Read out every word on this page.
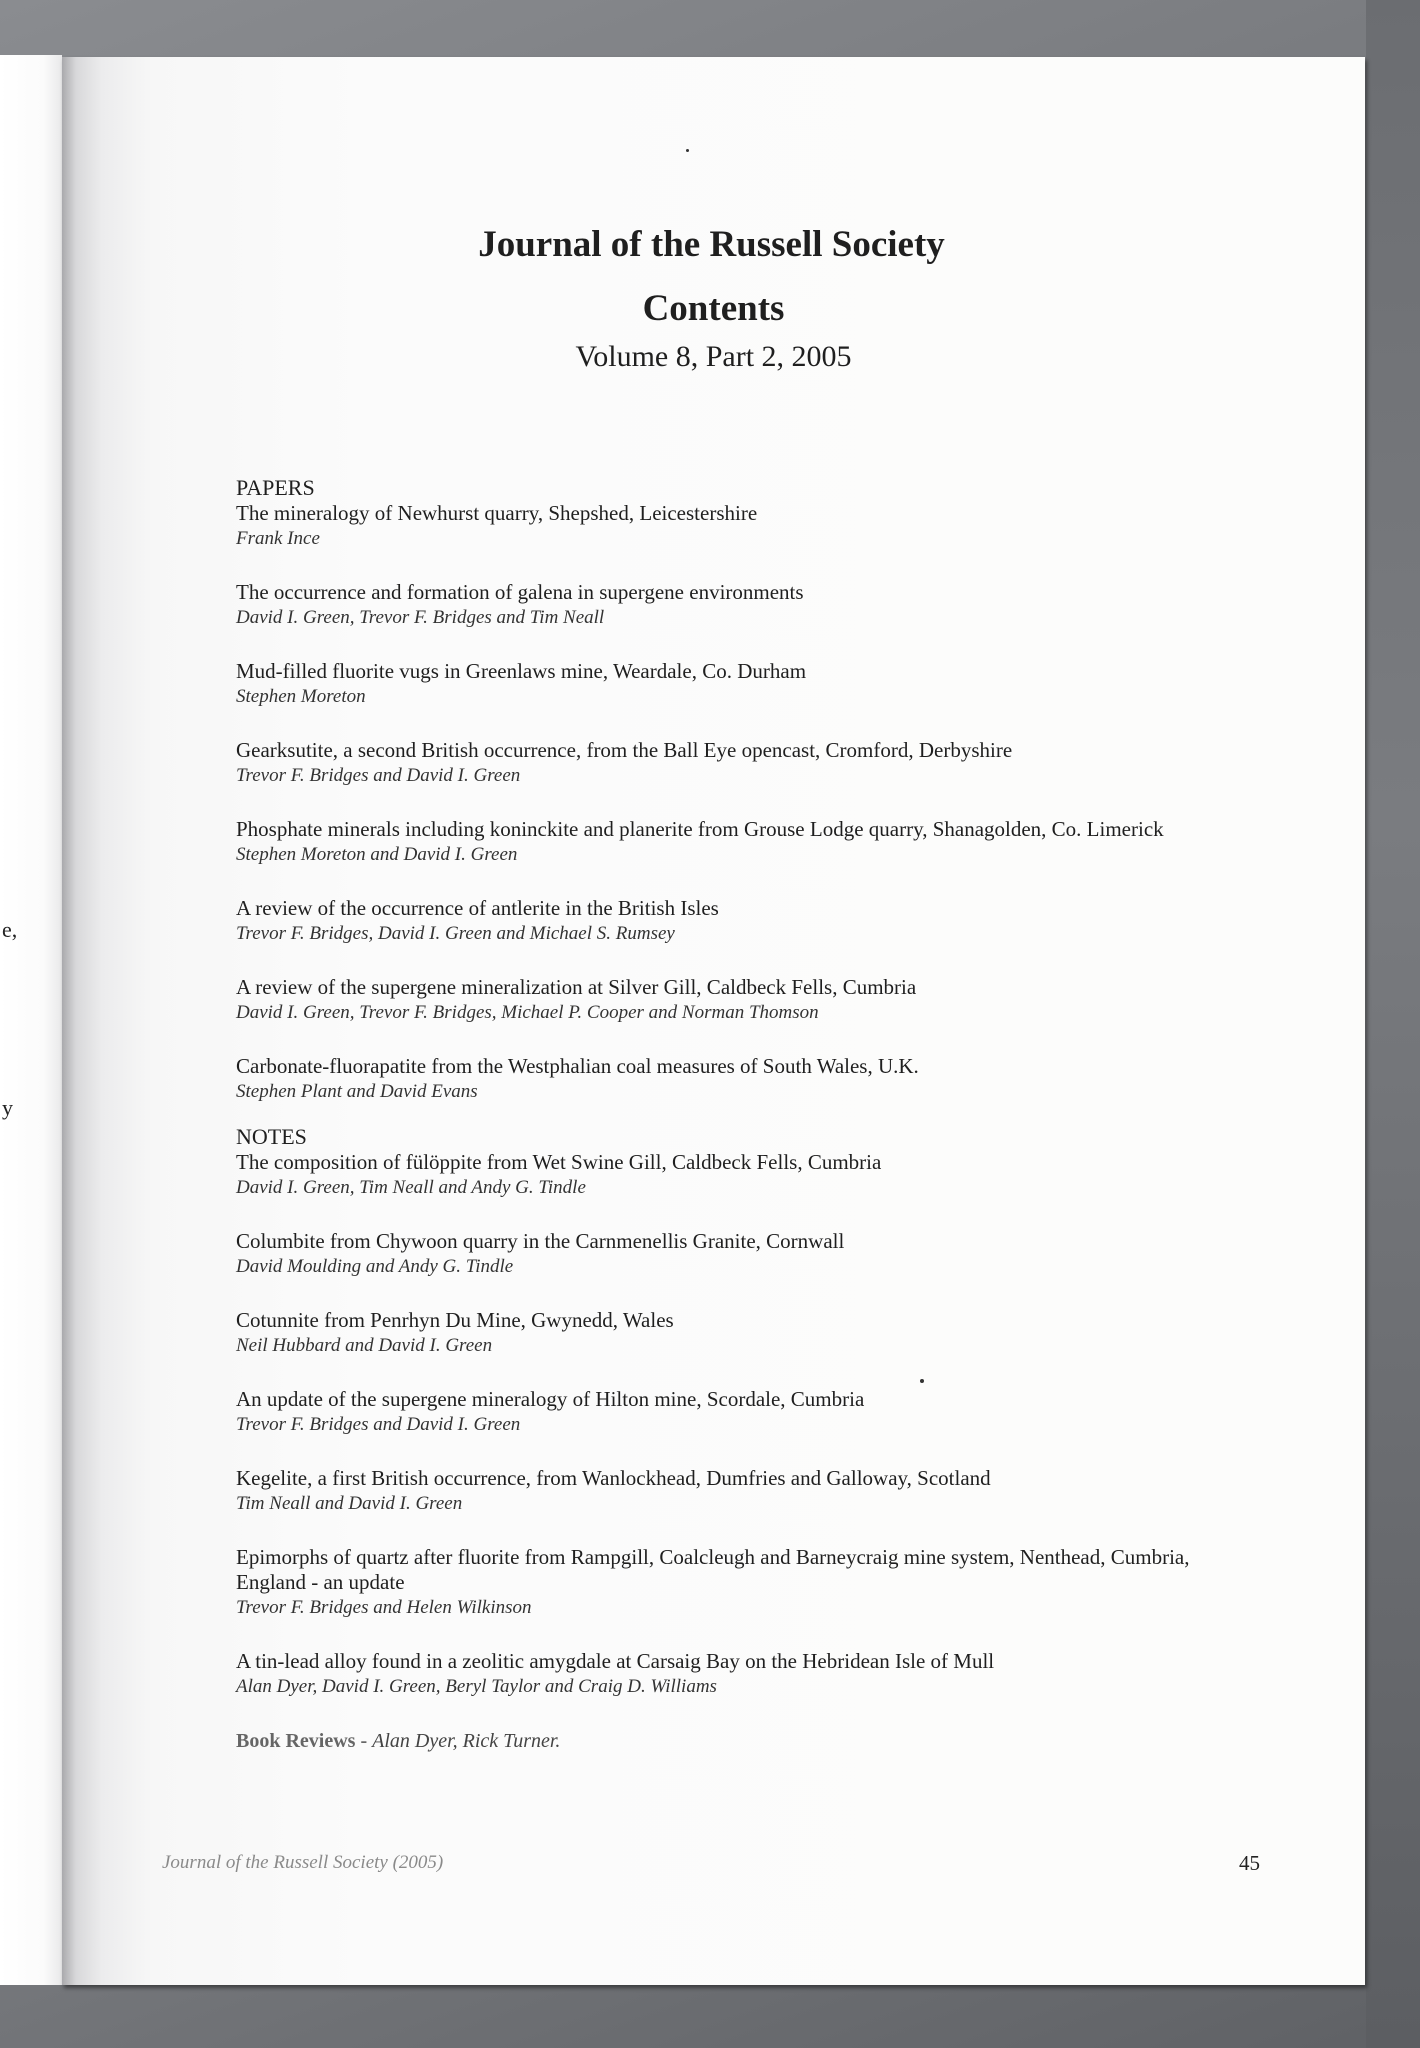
e,
y
Journal of the Russell Society
Contents
Volume 8, Part 2, 2005
PAPERS
The mineralogy of Newhurst quarry, Shepshed, Leicestershire
Frank Ince
The occurrence and formation of galena in supergene environments
David I. Green, Trevor F. Bridges and Tim Neall
Mud-filled fluorite vugs in Greenlaws mine, Weardale, Co. Durham
Stephen Moreton
Gearksutite, a second British occurrence, from the Ball Eye opencast, Cromford, Derbyshire
Trevor F. Bridges and David I. Green
Phosphate minerals including koninckite and planerite from Grouse Lodge quarry, Shanagolden, Co. Limerick
Stephen Moreton and David I. Green
A review of the occurrence of antlerite in the British Isles
Trevor F. Bridges, David I. Green and Michael S. Rumsey
A review of the supergene mineralization at Silver Gill, Caldbeck Fells, Cumbria
David I. Green, Trevor F. Bridges, Michael P. Cooper and Norman Thomson
Carbonate-fluorapatite from the Westphalian coal measures of South Wales, U.K.
Stephen Plant and David Evans
NOTES
The composition of fülöppite from Wet Swine Gill, Caldbeck Fells, Cumbria
David I. Green, Tim Neall and Andy G. Tindle
Columbite from Chywoon quarry in the Carnmenellis Granite, Cornwall
David Moulding and Andy G. Tindle
Cotunnite from Penrhyn Du Mine, Gwynedd, Wales
Neil Hubbard and David I. Green
An update of the supergene mineralogy of Hilton mine, Scordale, Cumbria
Trevor F. Bridges and David I. Green
Kegelite, a first British occurrence, from Wanlockhead, Dumfries and Galloway, Scotland
Tim Neall and David I. Green
Epimorphs of quartz after fluorite from Rampgill, Coalcleugh and Barneycraig mine system, Nenthead, Cumbria, England - an update
Trevor F. Bridges and Helen Wilkinson
A tin-lead alloy found in a zeolitic amygdale at Carsaig Bay on the Hebridean Isle of Mull
Alan Dyer, David I. Green, Beryl Taylor and Craig D. Williams
Book Reviews - Alan Dyer, Rick Turner.
Journal of the Russell Society (2005)	45
